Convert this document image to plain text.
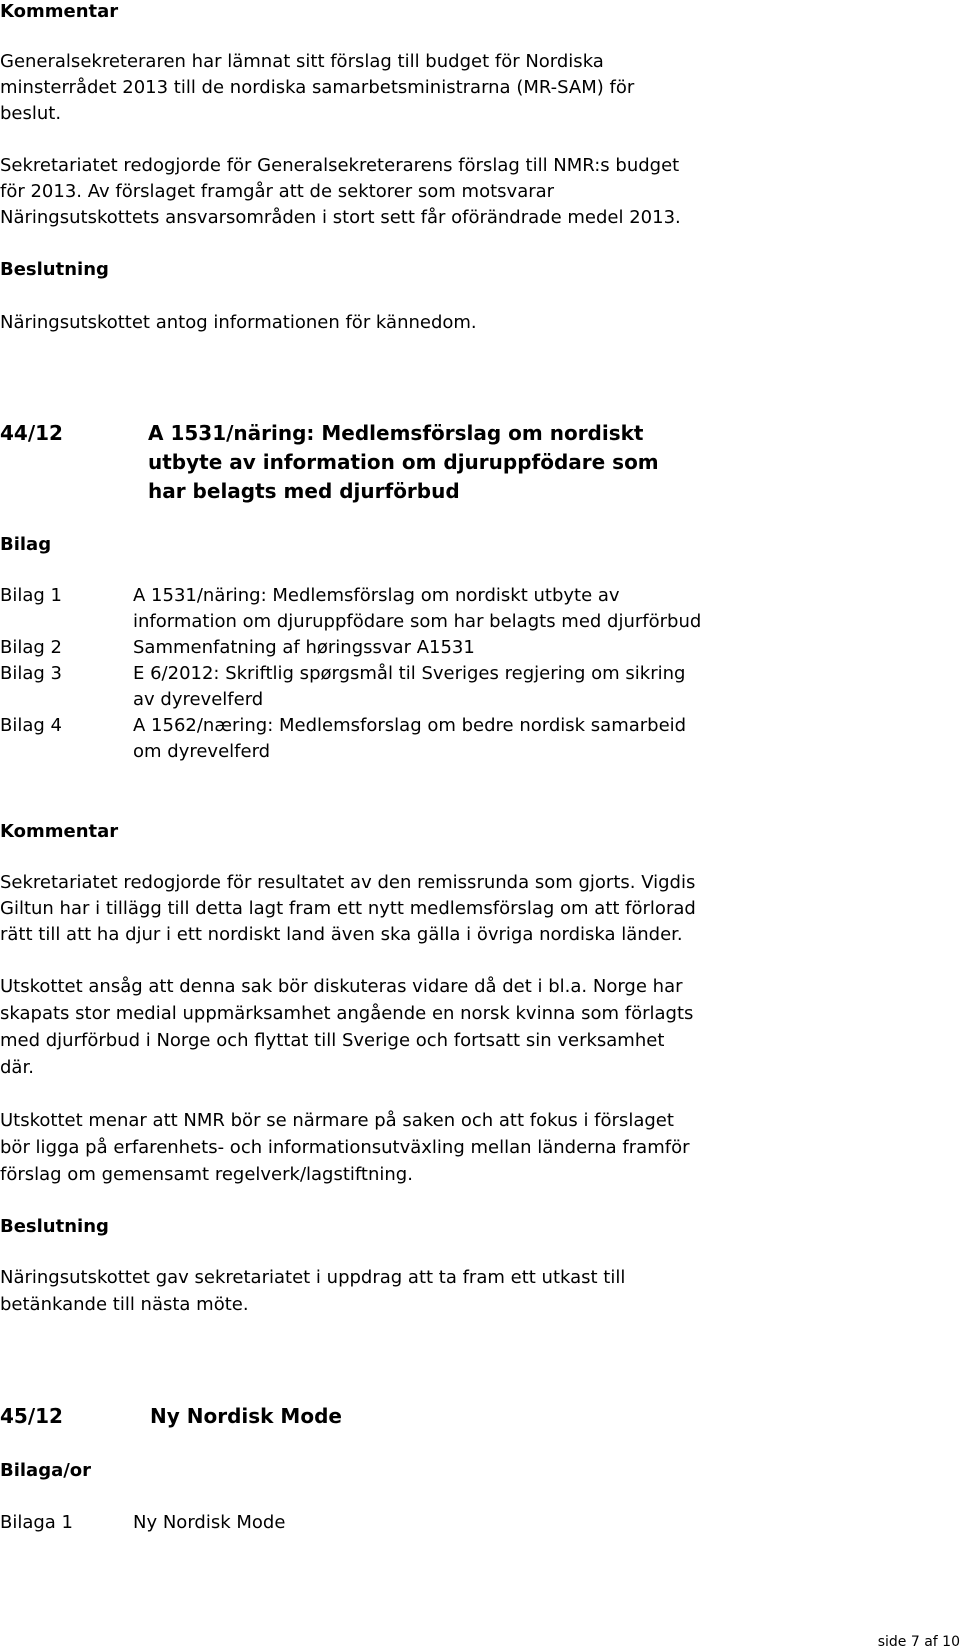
Kommentar
Generalsekreteraren har lämnat sitt förslag till budget för Nordiska
minsterrådet 2013 till de nordiska samarbetsministrarna (MR-SAM) för
beslut.
Sekretariatet redogjorde för Generalsekreterarens förslag till NMR:s budget
för 2013. Av förslaget framgår att de sektorer som motsvarar
Näringsutskottets ansvarsområden i stort sett får oförändrade medel 2013.
Beslutning
Näringsutskottet antog informationen för kännedom.
44/12	A 1531/näring: Medlemsförslag om nordiskt
utbyte av information om djuruppfödare som
har belagts med djurförbud
Bilag
Bilag 1	A 1531/näring: Medlemsförslag om nordiskt utbyte av
information om djuruppfödare som har belagts med djurförbud
Bilag 2	Sammenfatning af høringssvar A1531
Bilag 3	E 6/2012: Skriftlig spørgsmål til Sveriges regjering om sikring
av dyrevelferd
Bilag 4	A 1562/næring: Medlemsforslag om bedre nordisk samarbeid
om dyrevelferd
Kommentar
Sekretariatet redogjorde för resultatet av den remissrunda som gjorts. Vigdis
Giltun har i tillägg till detta lagt fram ett nytt medlemsförslag om att förlorad
rätt till att ha djur i ett nordiskt land även ska gälla i övriga nordiska länder.
Utskottet ansåg att denna sak bör diskuteras vidare då det i bl.a. Norge har
skapats stor medial uppmärksamhet angående en norsk kvinna som förlagts
med djurförbud i Norge och flyttat till Sverige och fortsatt sin verksamhet
där.
Utskottet menar att NMR bör se närmare på saken och att fokus i förslaget
bör ligga på erfarenhets- och informationsutväxling mellan länderna framför
förslag om gemensamt regelverk/lagstiftning.
Beslutning
Näringsutskottet gav sekretariatet i uppdrag att ta fram ett utkast till
betänkande till nästa möte.
45/12	Ny Nordisk Mode
Bilaga/or
Bilaga 1	Ny Nordisk Mode
side 7 af 10
